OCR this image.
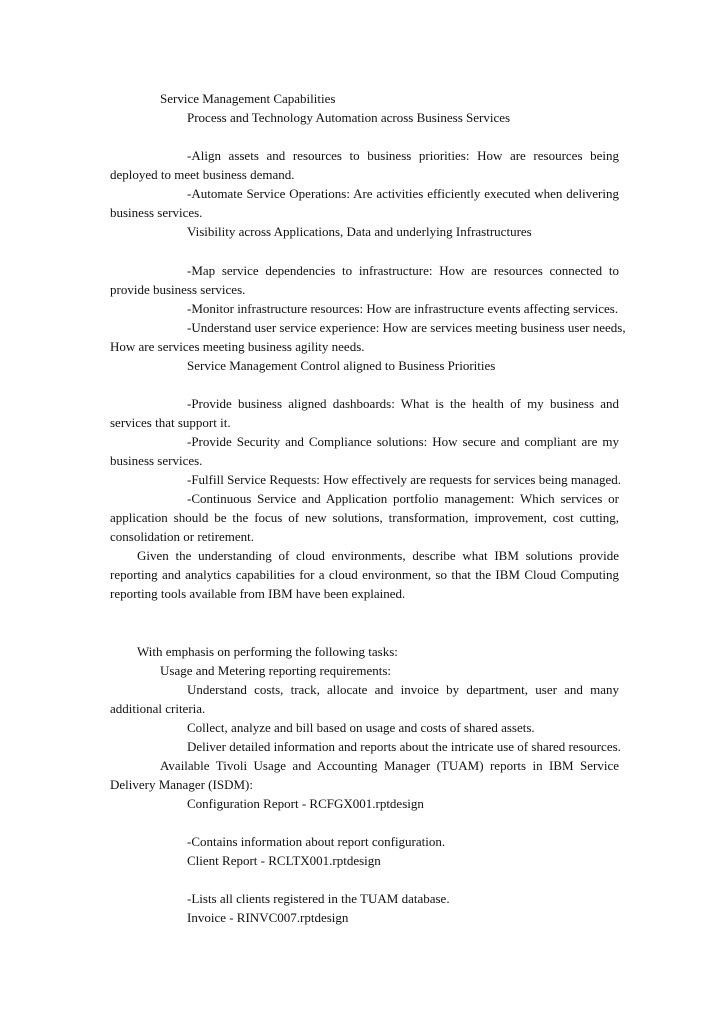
Service Management Capabilities
Process and Technology Automation across Business Services
-Align assets and resources to business priorities: How are resources being
deployed to meet business demand.
-Automate Service Operations: Are activities efficiently executed when delivering
business services.
Visibility across Applications, Data and underlying Infrastructures
-Map service dependencies to infrastructure: How are resources connected to
provide business services.
-Monitor infrastructure resources: How are infrastructure events affecting services.
-Understand user service experience: How are services meeting business user needs,
How are services meeting business agility needs.
Service Management Control aligned to Business Priorities
-Provide business aligned dashboards: What is the health of my business and
services that support it.
-Provide Security and Compliance solutions: How secure and compliant are my
business services.
-Fulfill Service Requests: How effectively are requests for services being managed.
-Continuous Service and Application portfolio management: Which services or
application should be the focus of new solutions, transformation, improvement, cost cutting,
consolidation or retirement.
Given the understanding of cloud environments, describe what IBM solutions provide
reporting and analytics capabilities for a cloud environment, so that the IBM Cloud Computing
reporting tools available from IBM have been explained.
With emphasis on performing the following tasks:
Usage and Metering reporting requirements:
Understand costs, track, allocate and invoice by department, user and many
additional criteria.
Collect, analyze and bill based on usage and costs of shared assets.
Deliver detailed information and reports about the intricate use of shared resources.
Available Tivoli Usage and Accounting Manager (TUAM) reports in IBM Service
Delivery Manager (ISDM):
Configuration Report - RCFGX001.rptdesign
-Contains information about report configuration.
Client Report - RCLTX001.rptdesign
-Lists all clients registered in the TUAM database.
Invoice - RINVC007.rptdesign
